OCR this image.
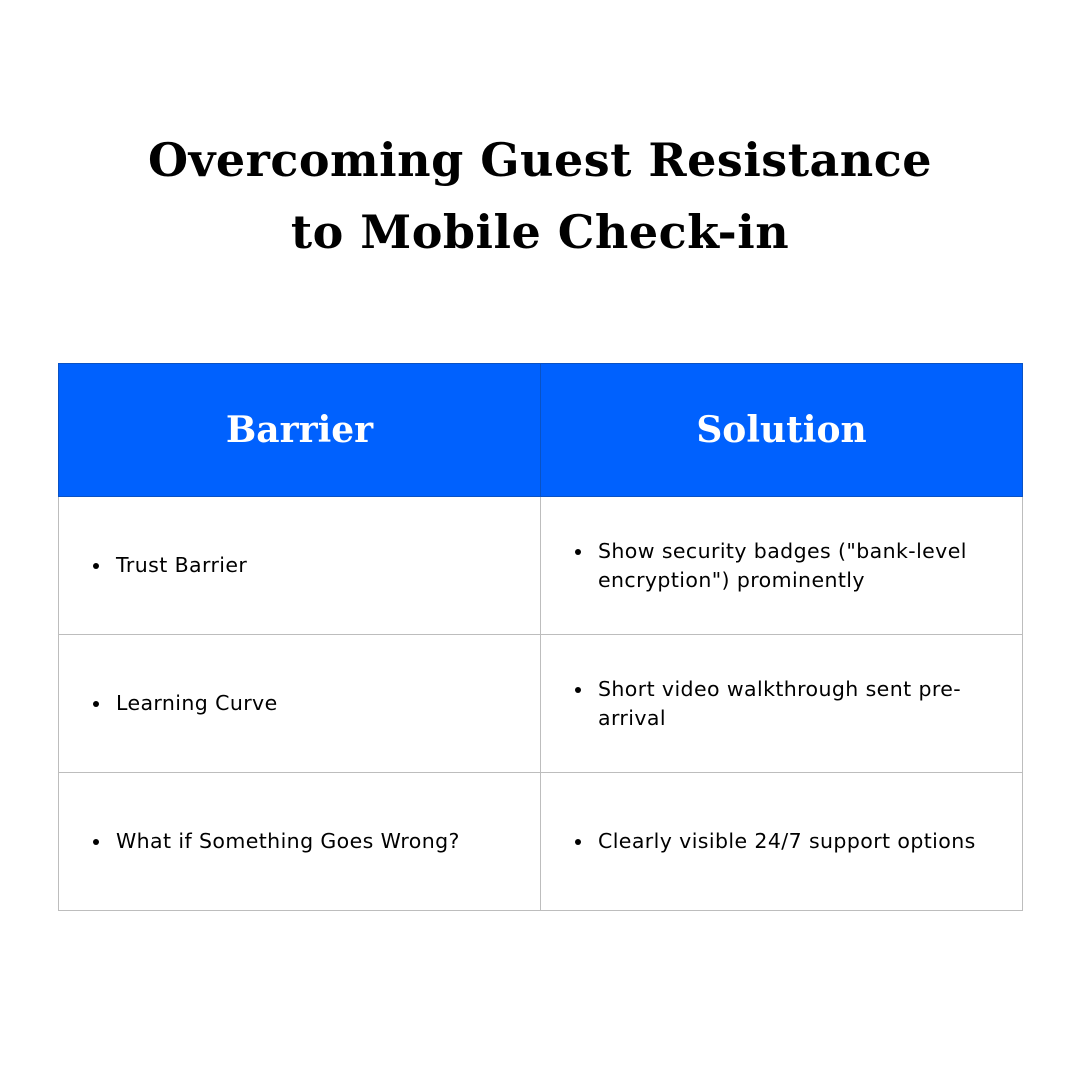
Overcoming Guest Resistance
to Mobile Check-in
Barrier	Solution

Trust Barrier	Show security badges ("bank-level
encryption") prominently

Learning Curve	Short video walkthrough sent pre-
arrival

What if Something Goes Wrong?	Clearly visible 24/7 support options
